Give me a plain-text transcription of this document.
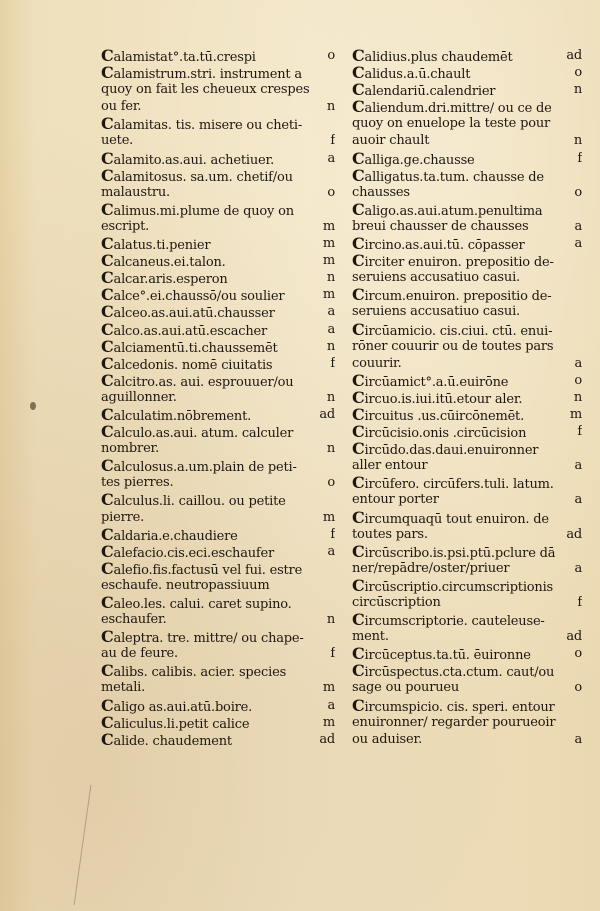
Calamistat°.ta.tū.crespi	o
Calamistrum.stri. instrument a
quoy on fait les cheueux crespes
ou fer.	n
Calamitas. tis. misere ou cheti-
uete.	f
Calamito.as.aui. achetiuer.	a
Calamitosus. sa.um. chetif/ou
malaustru.	o
Calimus.mi.plume de quoy on
escript.	m
Calatus.ti.penier	m
Calcaneus.ei.talon.	m
Calcar.aris.esperon	n
Calce°.ei.chaussō/ou soulier	m
Calceo.as.aui.atū.chausser	a
Calco.as.aui.atū.escacher	a
Calciamentū.ti.chaussemēt	n
Calcedonis. nomē ciuitatis	f
Calcitro.as. aui. esprouuer/ou
aguillonner.	n
Calculatim.nōbrement.	ad
Calculo.as.aui. atum. calculer
nombrer.	n
Calculosus.a.um.plain de peti-
tes pierres.	o
Calculus.li. caillou. ou petite
pierre.	m
Caldaria.e.chaudiere	f
Calefacio.cis.eci.eschaufer	a
Calefio.fis.factusū vel fui. estre
eschaufe. neutropassiuum
Caleo.les. calui. caret supino.
eschaufer.	n
Caleptra. tre. mittre/ ou chape-
au de feure.	f
Calibs. calibis. acier. species
metali.	m
Caligo as.aui.atū.boire.	a
Caliculus.li.petit calice	m
Calide. chaudement	ad
Calidius.plus chaudemēt	ad
Calidus.a.ū.chault	o
Calendariū.calendrier	n
Caliendum.dri.mittre/ ou ce de
quoy on enuelope la teste pour
auoir chault	n
Calliga.ge.chausse	f
Calligatus.ta.tum. chausse de
chausses	o
Caligo.as.aui.atum.penultima
breui chausser de chausses	a
Circino.as.aui.tū. cōpasser	a
Circiter enuiron. prepositio de-
seruiens accusatiuo casui.
Circum.enuiron. prepositio de-
seruiens accusatiuo casui.
Circūamicio. cis.ciui. ctū. enui-
rōner couurir ou de toutes pars
couurir.	a
Circūamict°.a.ū.euirōne	o
Circuo.is.iui.itū.etour aler.	n
Circuitus .us.cūircōnemēt.	m
Circūcisio.onis .circūcision	f
Circūdo.das.daui.enuironner
aller entour	a
Circūfero. circūfers.tuli. latum.
entour porter	a
Circumquaqū tout enuiron. de
toutes pars.	ad
Circūscribo.is.psi.ptū.pclure dā
ner/repādre/oster/priuer	a
Circūscriptio.circumscriptionis
circūscription	f
Circumscriptorie. cauteleuse-
ment.	ad
Circūceptus.ta.tū. ēuironne	o
Circūspectus.cta.ctum. caut/ou
sage ou pourueu	o
Circumspicio. cis. speri. entour
enuironner/ regarder pourueoir
ou aduiser.	a
